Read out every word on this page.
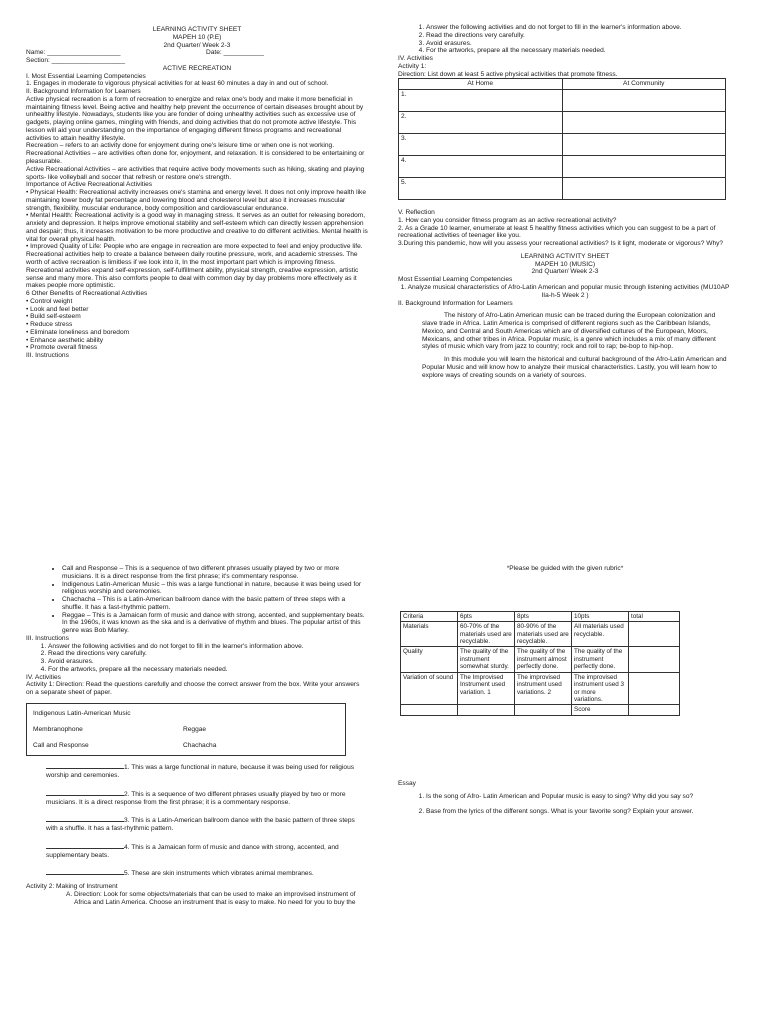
LEARNING ACTIVITY SHEET
MAPEH 10 (P.E)
2nd Quarter/ Week 2-3
Name: ____________________	Date: ___________
Section: ____________________
ACTIVE RECREATION
I. Most Essential Learning Competencies
1. Engages in moderate to vigorous physical activities for at least 60 minutes a day in and out of school.
II. Background Information for Learners
Active physical recreation is a form of recreation to energize and relax one's body and make it more beneficial in maintaining fitness level. Being active and healthy help prevent the occurrence of certain diseases brought about by unhealthy lifestyle. Nowadays, students like you are fonder of doing unhealthy activities such as excessive use of gadgets, playing online games, mingling with friends, and doing activities that do not promote active lifestyle. This lesson will aid your understanding on the importance of engaging different fitness programs and recreational activities to attain healthy lifestyle.
Recreation – refers to an activity done for enjoyment during one's leisure time or when one is not working.
Recreational Activities – are activities often done for, enjoyment, and relaxation. It is considered to be entertaining or pleasurable.
Active Recreational Activities – are activities that require active body movements such as hiking, skating and playing sports- like volleyball and soccer that refresh or restore one's strength.
Importance of Active Recreational Activities
• Physical Health: Recreational activity increases one's stamina and energy level. It does not only improve health like maintaining lower body fat percentage and lowering blood and cholesterol level but also it increases muscular strength, flexibility, muscular endurance, body composition and cardiovascular endurance.
• Mental Health: Recreational activity is a good way in managing stress. It serves as an outlet for releasing boredom, anxiety and depression. It helps improve emotional stability and self-esteem which can directly lessen apprehension and despair; thus, it increases motivation to be more productive and creative to do different activities. Mental health is vital for overall physical health.
• Improved Quality of Life: People who are engage in recreation are more expected to feel and enjoy productive life. Recreational activities help to create a balance between daily routine pressure, work, and academic stresses. The worth of active recreation is limitless if we look into it, In the most important part which is improving fitness. Recreational activities expand self-expression, self-fulfillment ability, physical strength, creative expression, artistic sense and many more. This also comforts people to deal with common day by day problems more effectively as it makes people more optimistic.
6 Other Benefits of Recreational Activities
• Control weight
• Look and feel better
• Build self-esteem
• Reduce stress
• Eliminate loneliness and boredom
• Enhance aesthetic ability
• Promote overall fitness
III. Instructions
1. Answer the following activities and do not forget to fill in the learner's information above.
2. Read the directions very carefully.
3. Avoid erasures.
4. For the artworks, prepare all the necessary materials needed.
IV. Activities
Activity 1:
Direction: List down at least 5 active physical activities that promote fitness.
At Home	At Community
1.	
2.	
3.	
4.	
5.	
V. Reflection
1. How can you consider fitness program as an active recreational activity?
2. As a Grade 10 learner, enumerate at least 5 healthy fitness activities which you can suggest to be a part of recreational activities of teenager like you.
3.During this pandemic, how will you assess your recreational activities? Is it light, moderate or vigorous? Why?
LEARNING ACTIVITY SHEET
MAPEH 10 (MUSIC)
2nd Quarter/ Week 2-3
Most Essential Learning Competencies
1. Analyze musical characteristics of Afro-Latin American and popular music through listening activities (MU10AP IIa-h-5 Week 2 )
II. Background Information for Learners
The history of Afro-Latin American music can be traced during the European colonization and slave trade in Africa. Latin America is comprised of different regions such as the Caribbean Islands, Mexico, and Central and South Americas which are of diversified cultures of the European, Moors, Mexicans, and other tribes in Africa. Popular music, is a genre which includes a mix of many different styles of music which vary from jazz to country; rock and roll to rap; be-bop to hip-hop.
In this module you will learn the historical and cultural background of the Afro-Latin American and Popular Music and will know how to analyze their musical characteristics. Lastly, you will learn how to explore ways of creating sounds on a variety of sources.
• Call and Response – This is a sequence of two different phrases usually played by two or more musicians. It is a direct response from the first phrase; it's commentary response.
• Indigenous Latin-American Music – this was a large functional in nature, because it was being used for religious worship and ceremonies.
• Chachacha – This is a Latin-American ballroom dance with the basic pattern of three steps with a shuffle. It has a fast-rhythmic pattern.
• Reggae – This is a Jamaican form of music and dance with strong, accented, and supplementary beats. In the 1960s, it was known as the ska and is a derivative of rhythm and blues. The popular artist of this genre was Bob Marley.
III. Instructions
1. Answer the following activities and do not forget to fill in the learner's information above.
2. Read the directions very carefully.
3. Avoid erasures.
4. For the artworks, prepare all the necessary materials needed.
IV. Activities
Activity 1: Direction: Read the questions carefully and choose the correct answer from the box. Write your answers on a separate sheet of paper.
Indigenous Latin-American Music
Membranophone	Reggae
Call and Response	Chachacha
1. This was a large functional in nature, because it was being used for religious worship and ceremonies.
2. This is a sequence of two different phrases usually played by two or more musicians. It is a direct response from the first phrase; it is a commentary response.
3. This is a Latin-American ballroom dance with the basic pattern of three steps with a shuffle. It has a fast-rhythmic pattern.
4. This is a Jamaican form of music and dance with strong, accented, and supplementary beats.
5. These are skin instruments which vibrates animal membranes.
Activity 2: Making of Instrument
A. Direction: Look for some objects/materials that can be used to make an improvised instrument of Africa and Latin America. Choose an instrument that is easy to make. No need for you to buy the
*Please be guided with the given rubric*
Criteria	6pts	8pts	10pts	total
Materials	60-70% of the materials used are recyclable.	80-90% of the materials used are recyclable.	All materials used recyclable.	
Quality	The quality of the instrument somewhat sturdy.	The quality of the instrument almost perfectly done.	The quality of the instrument perfectly done.	
Variation of sound	The Improvised Instrument used variation. 1	The improvised instrument used variations. 2	The improvised instrument used 3 or more variations.	
			Score	
Essay
1. Is the song of Afro- Latin American and Popular music is easy to sing? Why did you say so?
2. Base from the lyrics of the different songs. What is your favorite song? Explain your answer.
